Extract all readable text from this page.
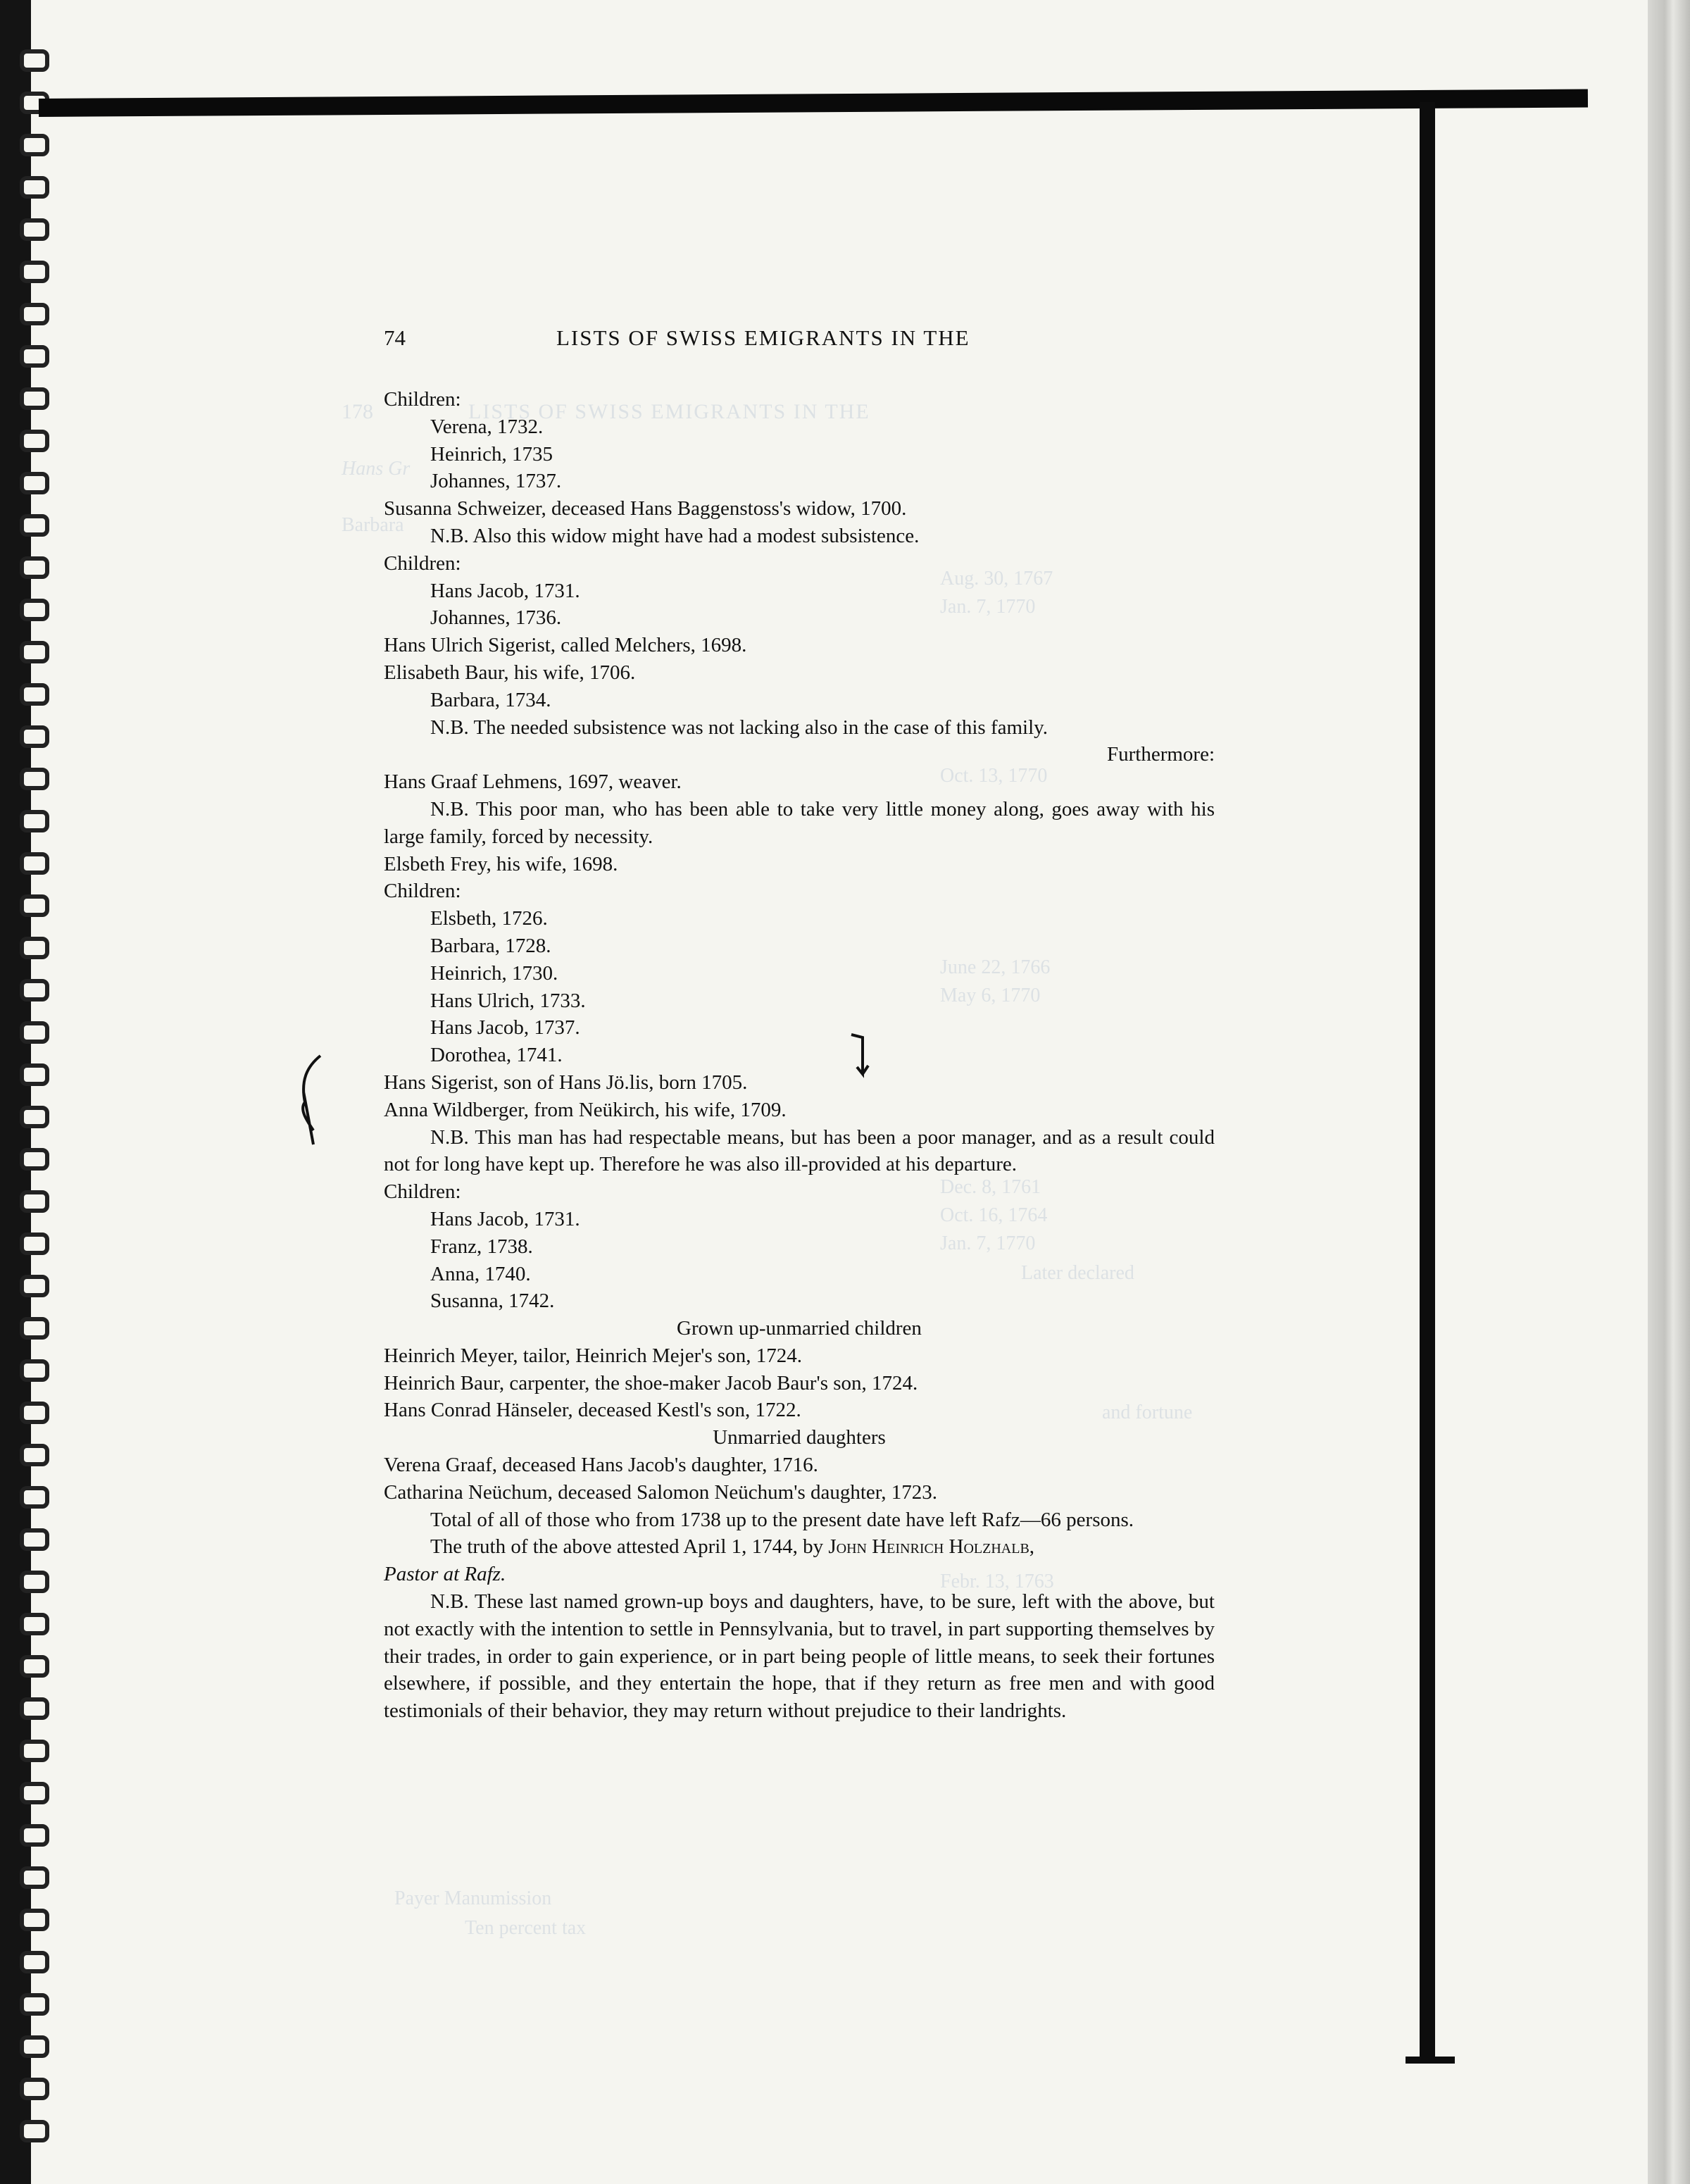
178	LISTS OF SWISS EMIGRANTS IN THE
Hans Gr
Barbara
Aug. 30, 1767
Jan. 7, 1770
Oct. 13, 1770
June 22, 1766
May 6, 1770
Dec. 8, 1761
Oct. 16, 1764
Jan. 7, 1770
Febr. 13, 1763
Later declared
and fortune
Payer Manumission
Ten percent tax
74	LISTS OF SWISS EMIGRANTS IN THE
Children:
Verena, 1732.
Heinrich, 1735
Johannes, 1737.
Susanna Schweizer, deceased Hans Baggenstoss's widow, 1700.
N.B. Also this widow might have had a modest subsistence.
Children:
Hans Jacob, 1731.
Johannes, 1736.
Hans Ulrich Sigerist, called Melchers, 1698.
Elisabeth Baur, his wife, 1706.
Barbara, 1734.
N.B. The needed subsistence was not lacking also in the case of this family.
Furthermore:
Hans Graaf Lehmens, 1697, weaver.
N.B. This poor man, who has been able to take very little money along, goes away with his large family, forced by necessity.
Elsbeth Frey, his wife, 1698.
Children:
Elsbeth, 1726.
Barbara, 1728.
Heinrich, 1730.
Hans Ulrich, 1733.
Hans Jacob, 1737.
Dorothea, 1741.
Hans Sigerist, son of Hans Jö.lis, born 1705.
Anna Wildberger, from Neükirch, his wife, 1709.
N.B. This man has had respectable means, but has been a poor manager, and as a result could not for long have kept up. Therefore he was also ill-provided at his departure.
Children:
Hans Jacob, 1731.
Franz, 1738.
Anna, 1740.
Susanna, 1742.
Grown up-unmarried children
Heinrich Meyer, tailor, Heinrich Mejer's son, 1724.
Heinrich Baur, carpenter, the shoe-maker Jacob Baur's son, 1724.
Hans Conrad Hänseler, deceased Kestl's son, 1722.
Unmarried daughters
Verena Graaf, deceased Hans Jacob's daughter, 1716.
Catharina Neüchum, deceased Salomon Neüchum's daughter, 1723.
Total of all of those who from 1738 up to the present date have left Rafz—66 persons.
The truth of the above attested April 1, 1744, by John Heinrich Holzhalb,
Pastor at Rafz.
N.B. These last named grown-up boys and daughters, have, to be sure, left with the above, but not exactly with the intention to settle in Pennsylvania, but to travel, in part supporting themselves by their trades, in order to gain experience, or in part being people of little means, to seek their fortunes elsewhere, if possible, and they entertain the hope, that if they return as free men and with good testimonials of their behavior, they may return without prejudice to their landrights.
